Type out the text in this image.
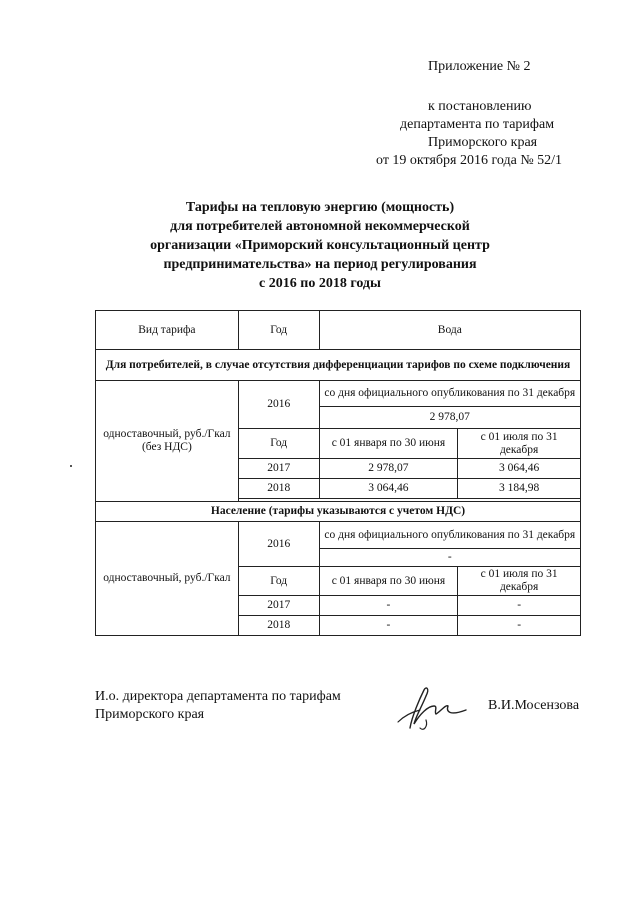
Приложение № 2
к постановлению
департамента по тарифам
Приморского края
от 19 октября 2016 года № 52/1
Тарифы на тепловую энергию (мощность)
для потребителей автономной некоммерческой
организации «Приморский консультационный центр
предпринимательства» на период регулирования
с 2016 по 2018 годы
Вид тарифа	Год	Вода	
Для потребителей, в случае отсутствия дифференциации тарифов по схеме подключения			
одноставочный, руб./Гкал (без НДС)	2016	со дня официального опубликования по 31 декабря	
		2 978,07	
	Год	с 01 января по 30 июня	с 01 июля по 31 декабря
	2017	2 978,07	3 064,46
	2018	3 064,46	3 184,98

Население (тарифы указываются с учетом НДС)			
одноставочный, руб./Гкал	2016	со дня официального опубликования по 31 декабря	
		-	
	Год	с 01 января по 30 июня	с 01 июля по 31 декабря
	2017	-	-
	2018	-	-
И.о. директора департамента по тарифам
Приморского края
В.И.Мосензова
